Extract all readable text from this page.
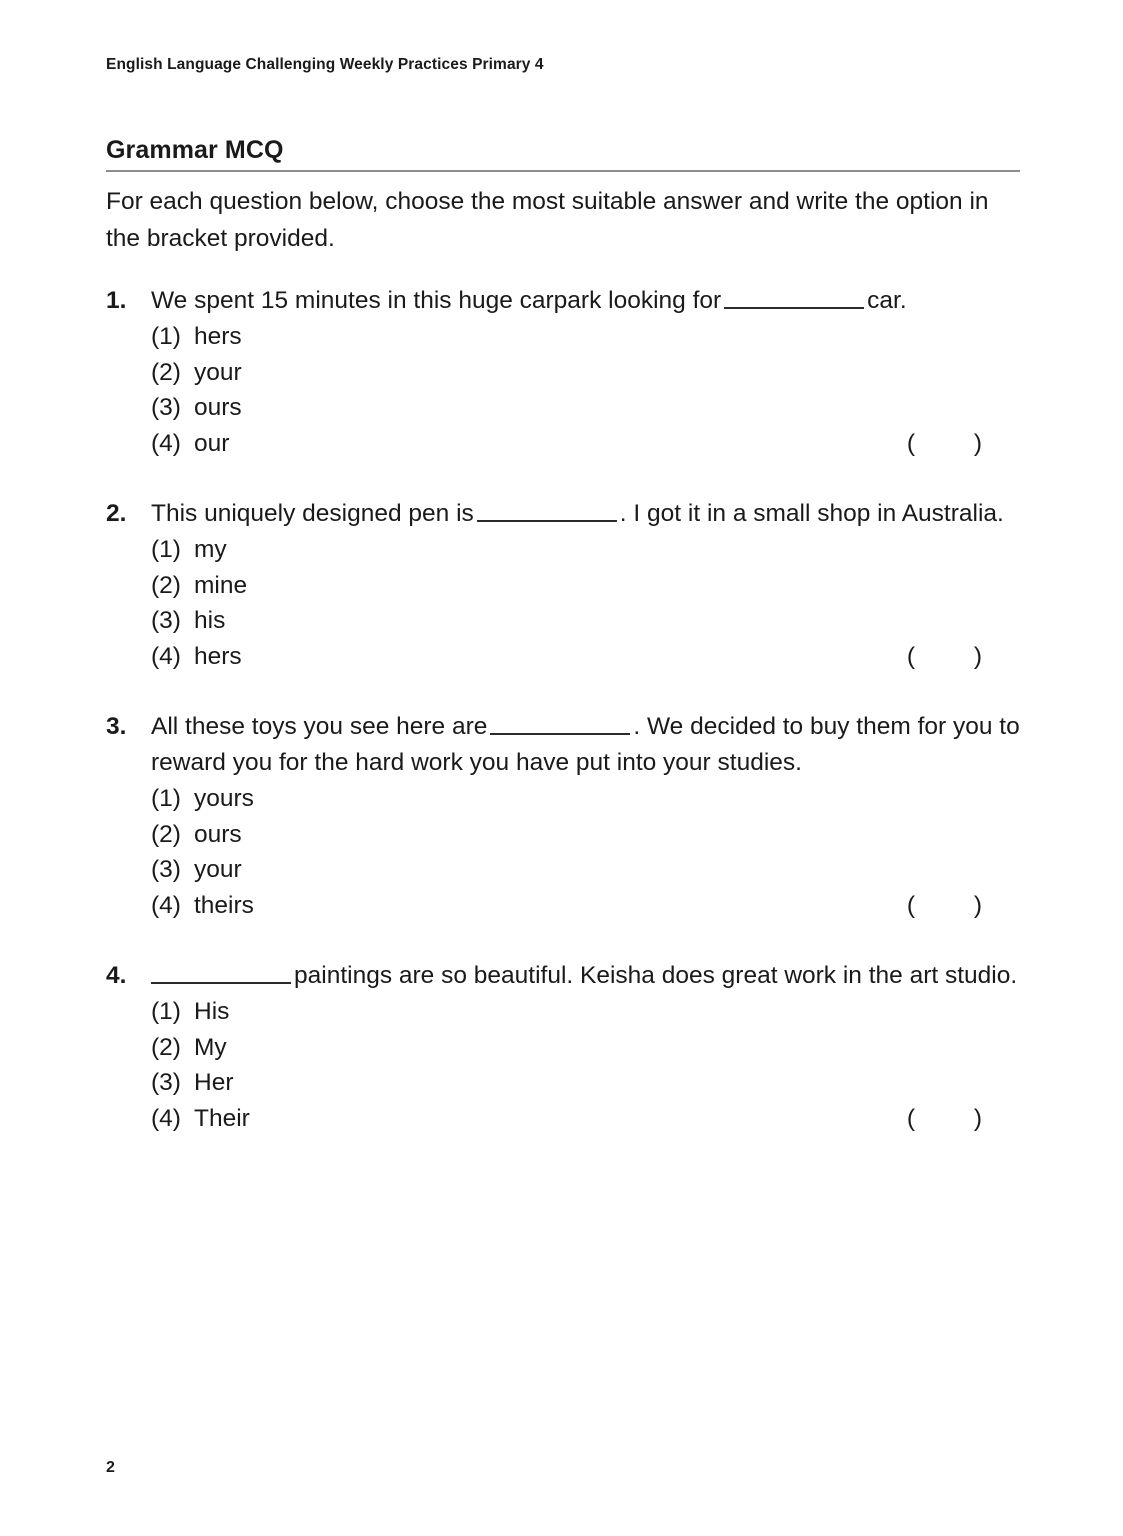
English Language Challenging Weekly Practices Primary 4
Grammar MCQ
For each question below, choose the most suitable answer and write the option in the bracket provided.
1. We spent 15 minutes in this huge carpark looking for	car.
(1) hers
(2) your
(3) ours
(4) our	( )
2. This uniquely designed pen is	. I got it in a small shop in Australia.
(1) my
(2) mine
(3) his
(4) hers	( )
3. All these toys you see here are	. We decided to buy them for you to reward you for the hard work you have put into your studies.
(1) yours
(2) ours
(3) your
(4) theirs	( )
4.	paintings are so beautiful. Keisha does great work in the art studio.
(1) His
(2) My
(3) Her
(4) Their	( )
2
